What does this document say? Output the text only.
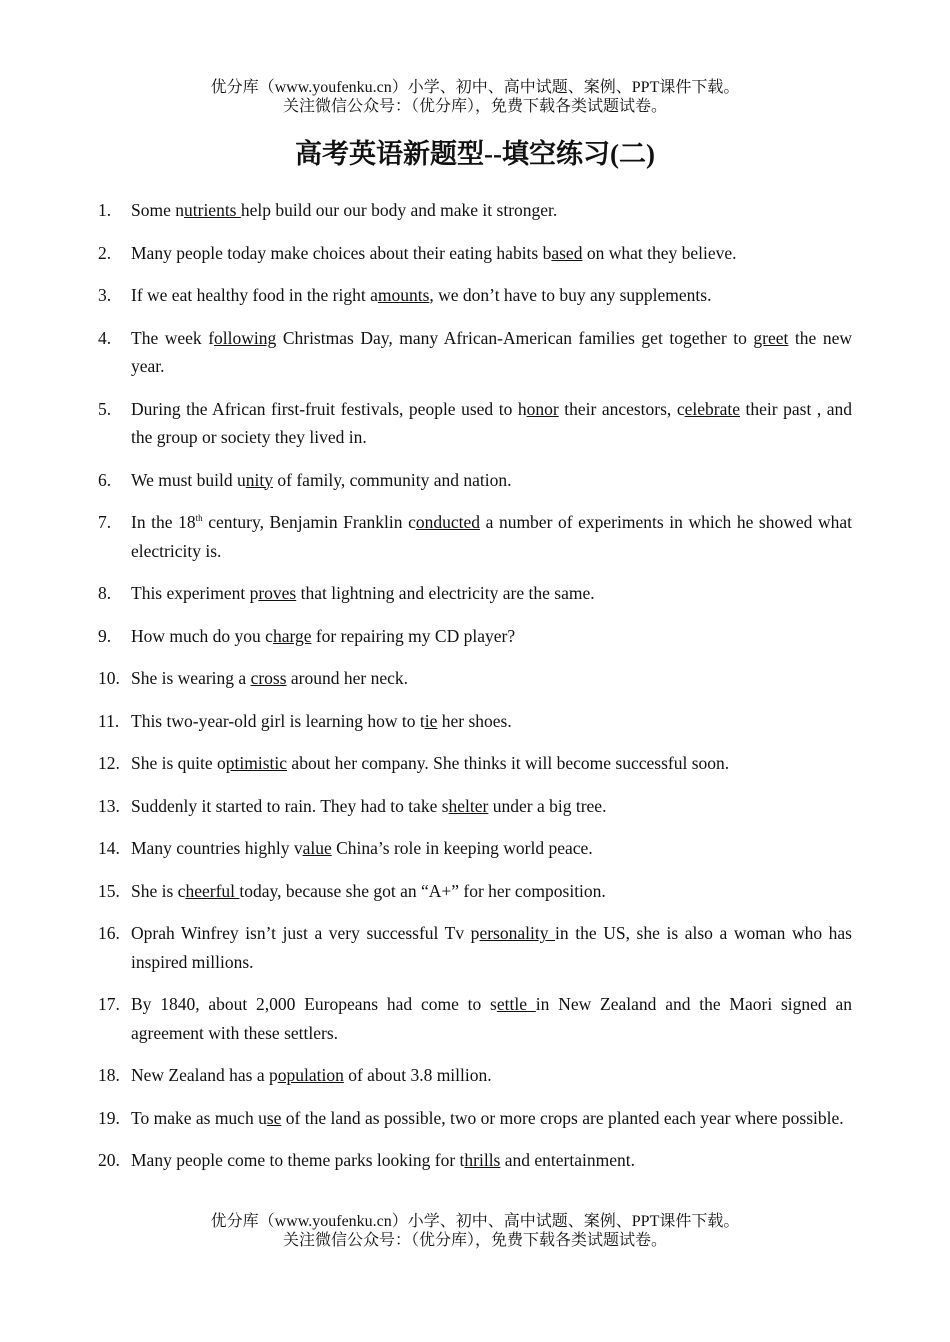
优分库（www.youfenku.cn）小学、初中、高中试题、案例、PPT课件下载。
关注微信公众号：（优分库），免费下载各类试题试卷。
高考英语新题型--填空练习(二)
1.	Some nutrients help build our our body and make it stronger.
2.	Many people today make choices about their eating habits based on what they believe.
3.	If we eat healthy food in the right amounts, we don’t have to buy any supplements.
4.	The week following Christmas Day, many African-American families get together to greet the new year.
5.	During the African first-fruit festivals, people used to honor their ancestors, celebrate their past , and the group or society they lived in.
6.	We must build unity of family, community and nation.
7.	In the 18th century, Benjamin Franklin conducted a number of experiments in which he showed what electricity is.
8.	This experiment proves that lightning and electricity are the same.
9.	How much do you charge for repairing my CD player?
10. She is wearing a cross around her neck.
11. This two-year-old girl is learning how to tie her shoes.
12. She is quite optimistic about her company. She thinks it will become successful soon.
13. Suddenly it started to rain. They had to take shelter under a big tree.
14. Many countries highly value China’s role in keeping world peace.
15. She is cheerful today, because she got an “A+” for her composition.
16. Oprah Winfrey isn’t just a very successful Tv personality in the US, she is also a woman who has inspired millions.
17. By 1840, about 2,000 Europeans had come to settle in New Zealand and the Maori signed an agreement with these settlers.
18. New Zealand has a population of about 3.8 million.
19. To make as much use of the land as possible, two or more crops are planted each year where possible.
20. Many people come to theme parks looking for thrills and entertainment.
优分库（www.youfenku.cn）小学、初中、高中试题、案例、PPT课件下载。
关注微信公众号：（优分库），免费下载各类试题试卷。
